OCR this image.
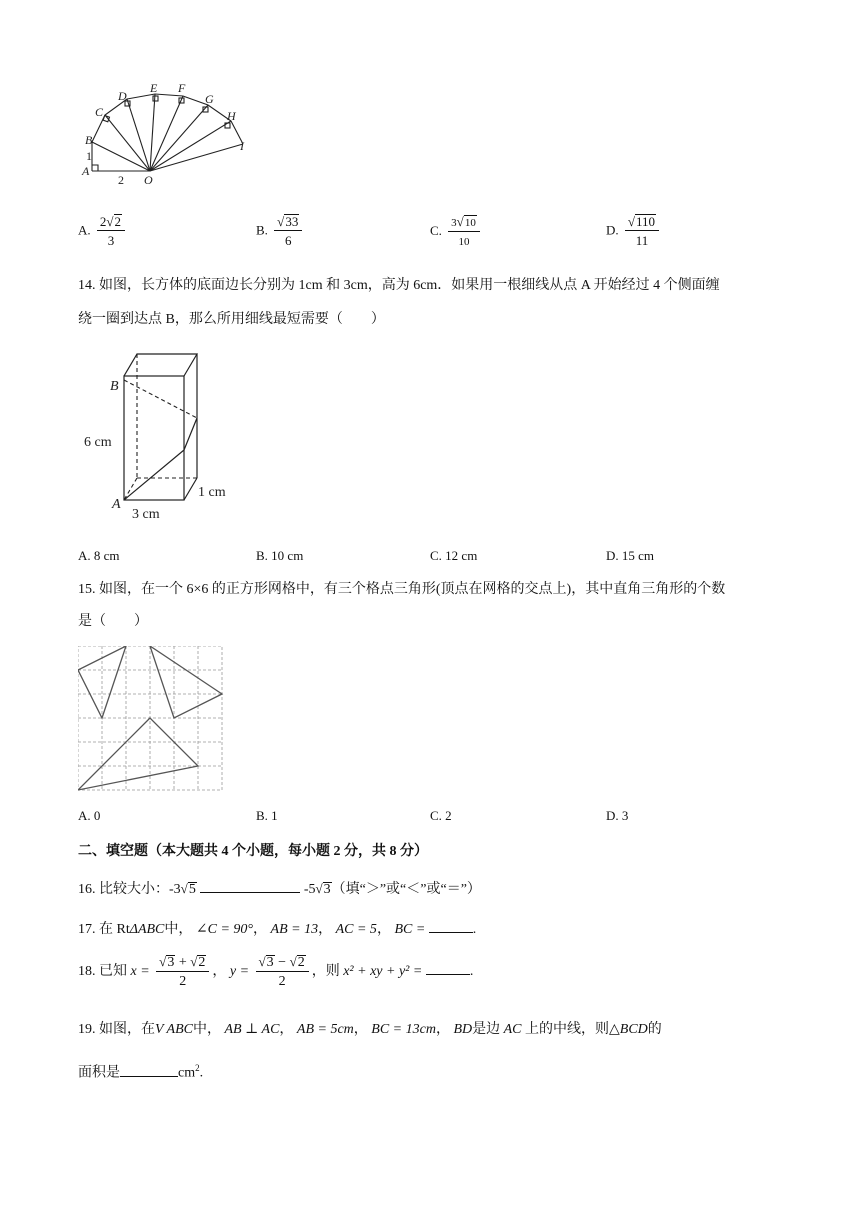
A
B
C
D
E F
G
H
I
O
1
2
A. $\frac{2√2}{3}$	B. $\frac{√33}{6}$	C. $\frac{3√10}{10}$	D. $\frac{√110}{11}$
14. 如图，长方体的底面边长分别为 1cm 和 3cm，高为 6cm．如果用一根细线从点 A 开始经过 4 个侧面缠
绕一圈到达点 B，那么所用细线最短需要（　　）
B
A
6 cm
3 cm
1 cm
A. 8 cm	B. 10 cm	C. 12 cm	D. 15 cm
15. 如图，在一个 6×6 的正方形网格中，有三个格点三角形(顶点在网格的交点上)，其中直角三角形的个数
是（　　）
A. 0	B. 1	C. 2	D. 3
二、填空题（本大题共 4 个小题，每小题 2 分，共 8 分）
16. 比较大小：-3√5	-5√3（填“＞”或“＜”或“＝”）
17. 在 RtΔABC中， ∠C = 90°， AB = 13， AC = 5， BC =	.
18. 已知 $x = \frac{√3 + √2}{2}$ ， $y = \frac{√3 - √2}{2}$ ，则 x² + xy + y² =	.
19. 如图，在V ABC中， AB ⊥ AC， AB = 5cm， BC = 13cm， BD是边 AC 上的中线，则△BCD的
面积是	$cm^2$.
